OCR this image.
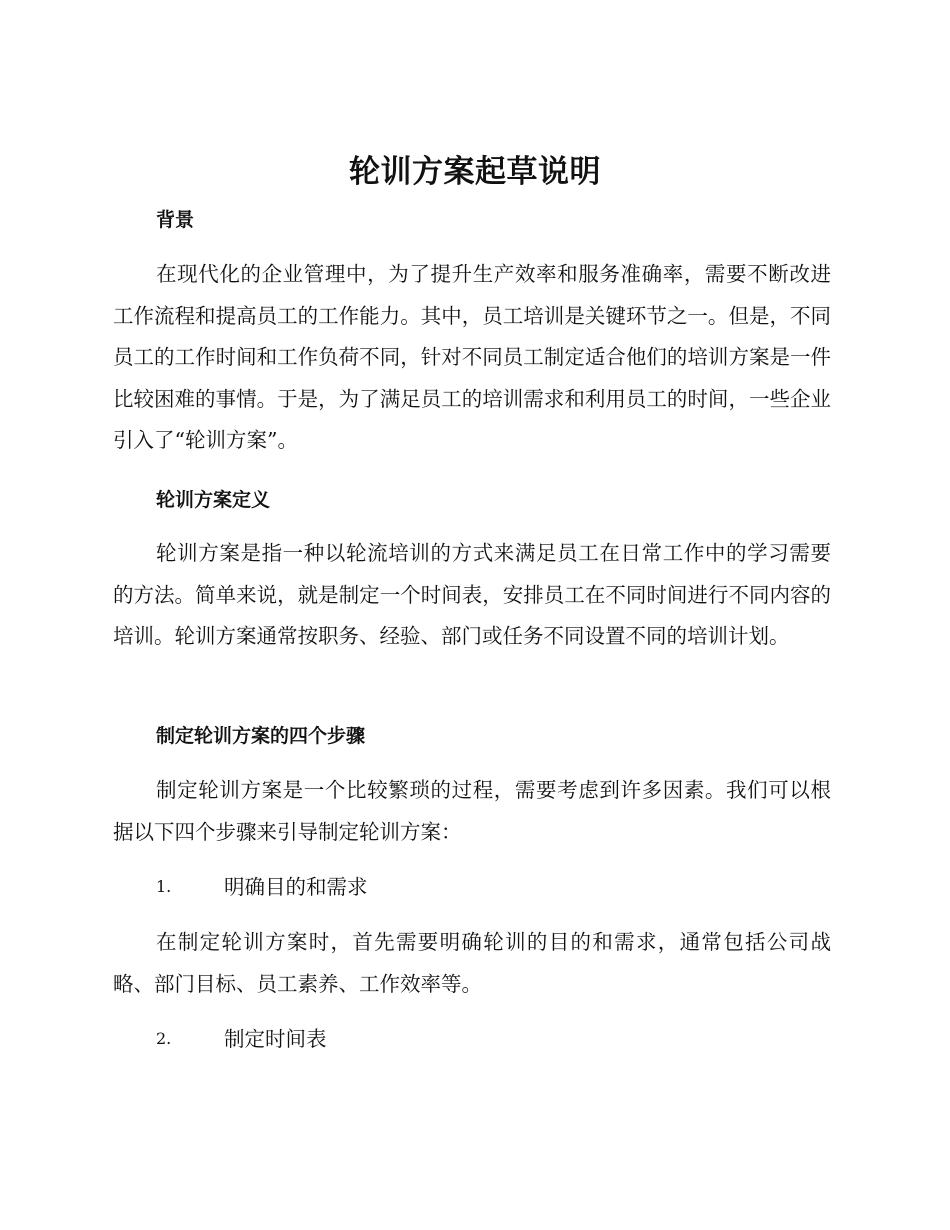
轮训方案起草说明
背景

在现代化的企业管理中，为了提升生产效率和服务准确率，需要不断改进工作流程和提高员工的工作能力。其中，员工培训是关键环节之一。但是，不同员工的工作时间和工作负荷不同，针对不同员工制定适合他们的培训方案是一件比较困难的事情。于是，为了满足员工的培训需求和利用员工的时间，一些企业引入了“轮训方案”。

轮训方案定义

轮训方案是指一种以轮流培训的方式来满足员工在日常工作中的学习需要的方法。简单来说，就是制定一个时间表，安排员工在不同时间进行不同内容的培训。轮训方案通常按职务、经验、部门或任务不同设置不同的培训计划。

制定轮训方案的四个步骤

制定轮训方案是一个比较繁琐的过程，需要考虑到许多因素。我们可以根据以下四个步骤来引导制定轮训方案：

1.	明确目的和需求

在制定轮训方案时，首先需要明确轮训的目的和需求，通常包括公司战略、部门目标、员工素养、工作效率等。

2.	制定时间表
